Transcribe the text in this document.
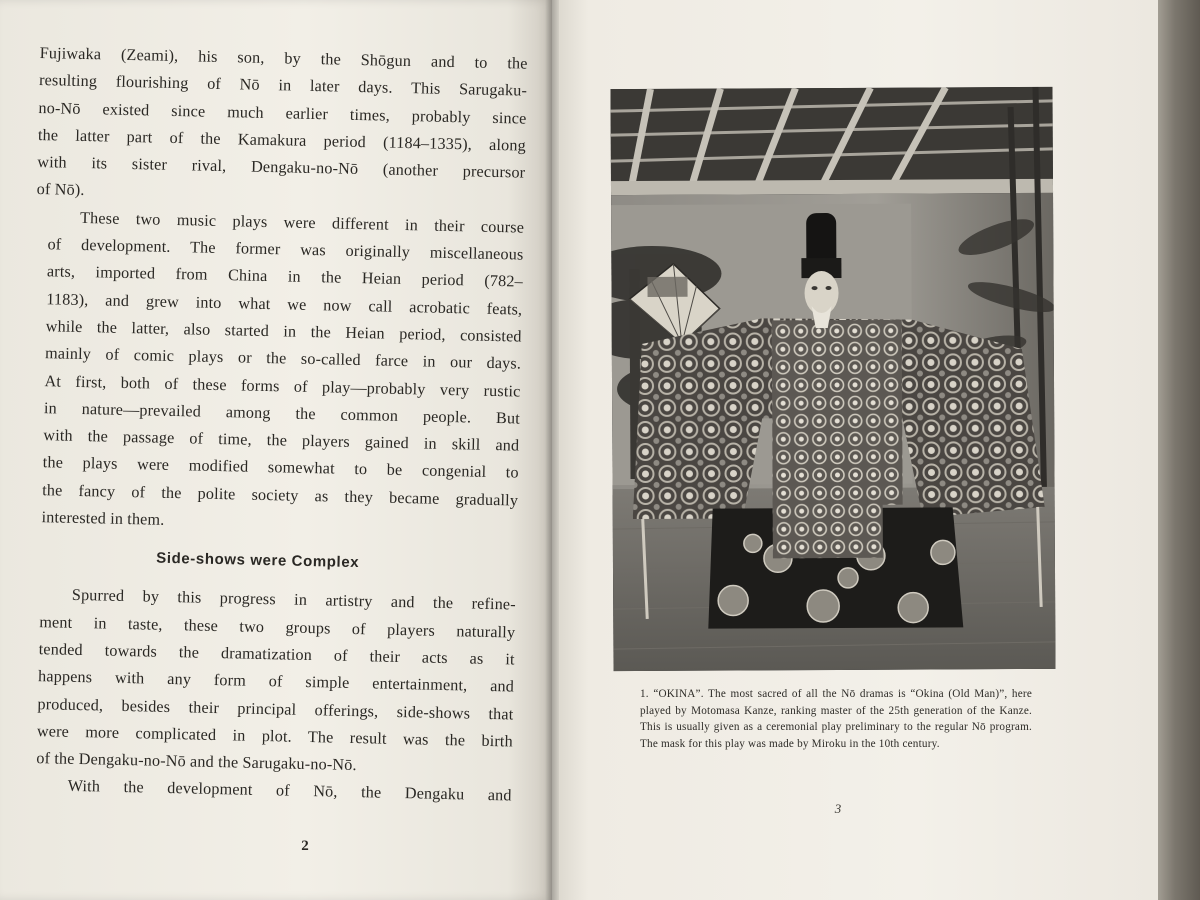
Fujiwaka (Zeami), his son, by the Shōgun and to the
resulting flourishing of Nō in later days. This Sarugaku-
no-Nō existed since much earlier times, probably since
the latter part of the Kamakura period (1184–1335), along
with its sister rival, Dengaku-no-Nō (another precursor
of Nō).
These two music plays were different in their course
of development. The former was originally miscellaneous
arts, imported from China in the Heian period (782–
1183), and grew into what we now call acrobatic feats,
while the latter, also started in the Heian period, consisted
mainly of comic plays or the so-called farce in our days.
At first, both of these forms of play—probably very rustic
in nature—prevailed among the common people. But
with the passage of time, the players gained in skill and
the plays were modified somewhat to be congenial to
the fancy of the polite society as they became gradually
interested in them.
Side-shows were Complex
Spurred by this progress in artistry and the refine-
ment in taste, these two groups of players naturally
tended towards the dramatization of their acts as it
happens with any form of simple entertainment, and
produced, besides their principal offerings, side-shows that
were more complicated in plot. The result was the birth
of the Dengaku-no-Nō and the Sarugaku-no-Nō.
With the development of Nō, the Dengaku and
2
1. “OKINA”. The most sacred of all the Nō dramas is “Okina (Old Man)”, here played by Motomasa Kanze, ranking master of the 25th generation of the Kanze. This is usually given as a ceremonial play preliminary to the regular Nō program. The mask for this play was made by Miroku in the 10th century.
3
